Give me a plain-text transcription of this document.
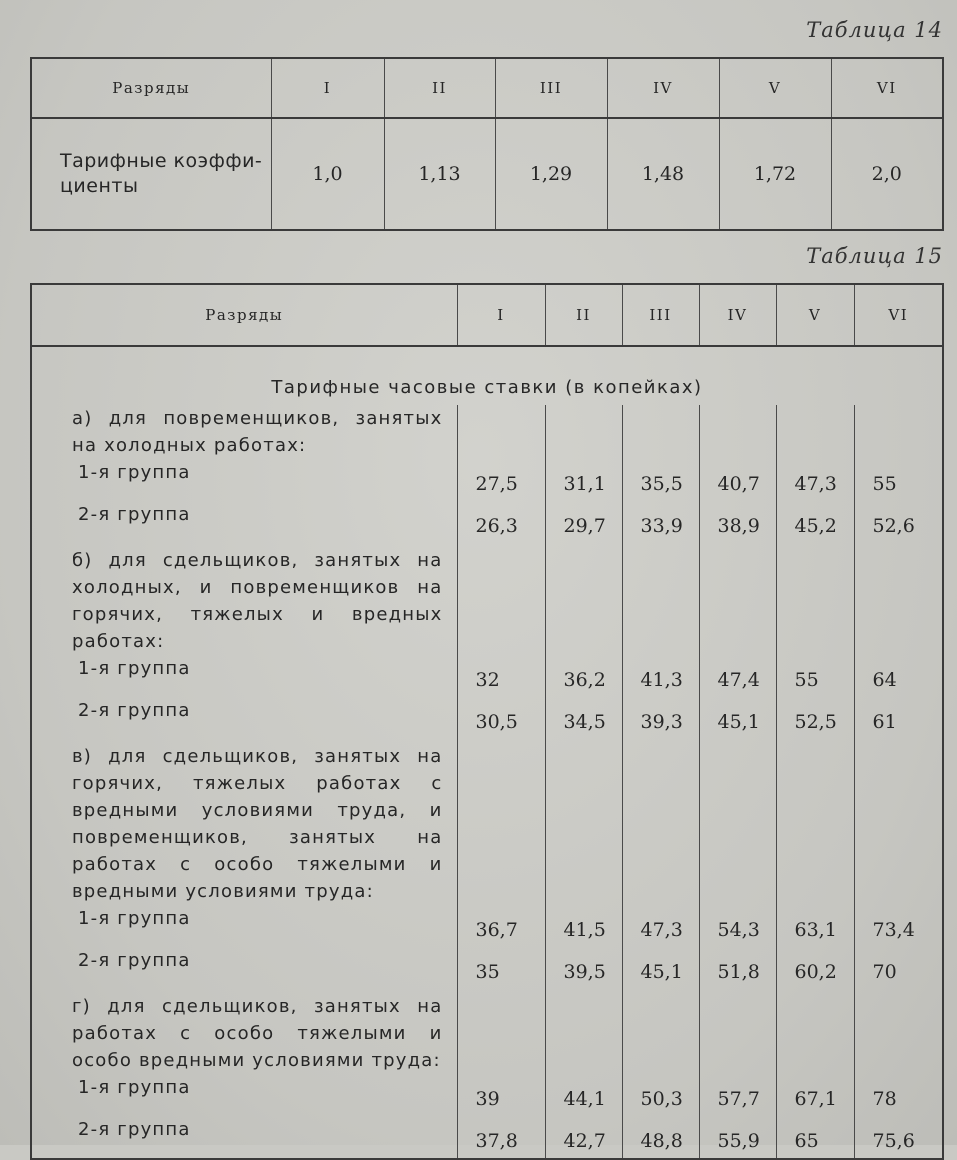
Таблица 14
Разряды	I	II	III	IV	V	VI
Тарифные коэффи-
циенты	1,0	1,13	1,29	1,48	1,72	2,0
Таблица 15
Разряды	I	II	III	IV	V	VI
Тарифные часовые ставки (в копейках)						
а) для повременщиков, занятых на холодных работах:						
1-я группа	27,5	31,1	35,5	40,7	47,3	55
2-я группа	26,3	29,7	33,9	38,9	45,2	52,6
б) для сдельщиков, занятых на холодных, и повременщиков на горячих, тяжелых и вредных работах:						
1-я группа	32	36,2	41,3	47,4	55	64
2-я группа	30,5	34,5	39,3	45,1	52,5	61
в) для сдельщиков, занятых на горячих, тяжелых работах с вредными условиями труда, и повременщиков, занятых на работах с особо тяжелыми и вредными условиями труда:						
1-я группа	36,7	41,5	47,3	54,3	63,1	73,4
2-я группа	35	39,5	45,1	51,8	60,2	70
г) для сдельщиков, занятых на работах с особо тяжелыми и особо вредными условиями труда:						
1-я группа	39	44,1	50,3	57,7	67,1	78
2-я группа	37,8	42,7	48,8	55,9	65	75,6
